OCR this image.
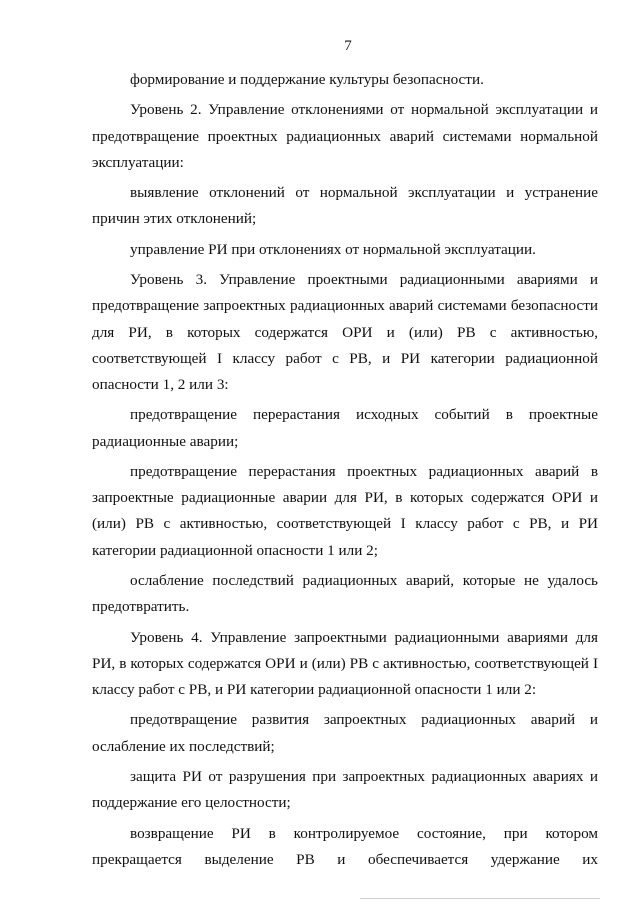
7

формирование и поддержание культуры безопасности.

Уровень 2. Управление отклонениями от нормальной эксплуатации и предотвращение проектных радиационных аварий системами нормальной эксплуатации:

выявление отклонений от нормальной эксплуатации и устранение причин этих отклонений;

управление РИ при отклонениях от нормальной эксплуатации.

Уровень 3. Управление проектными радиационными авариями и предотвращение запроектных радиационных аварий системами безопасности для РИ, в которых содержатся ОРИ и (или) РВ с активностью, соответствующей I классу работ с РВ, и РИ категории радиационной опасности 1, 2 или 3:

предотвращение перерастания исходных событий в проектные радиационные аварии;

предотвращение перерастания проектных радиационных аварий в запроектные радиационные аварии для РИ, в которых содержатся ОРИ и (или) РВ с активностью, соответствующей I классу работ с РВ, и РИ категории радиационной опасности 1 или 2;

ослабление последствий радиационных аварий, которые не удалось предотвратить.

Уровень 4. Управление запроектными радиационными авариями для РИ, в которых содержатся ОРИ и (или) РВ с активностью, соответствующей I классу работ с РВ, и РИ категории радиационной опасности 1 или 2:

предотвращение развития запроектных радиационных аварий и ослабление их последствий;

защита РИ от разрушения при запроектных радиационных авариях и поддержание его целостности;

возвращение РИ в контролируемое состояние, при котором прекращается выделение РВ и обеспечивается удержание их
